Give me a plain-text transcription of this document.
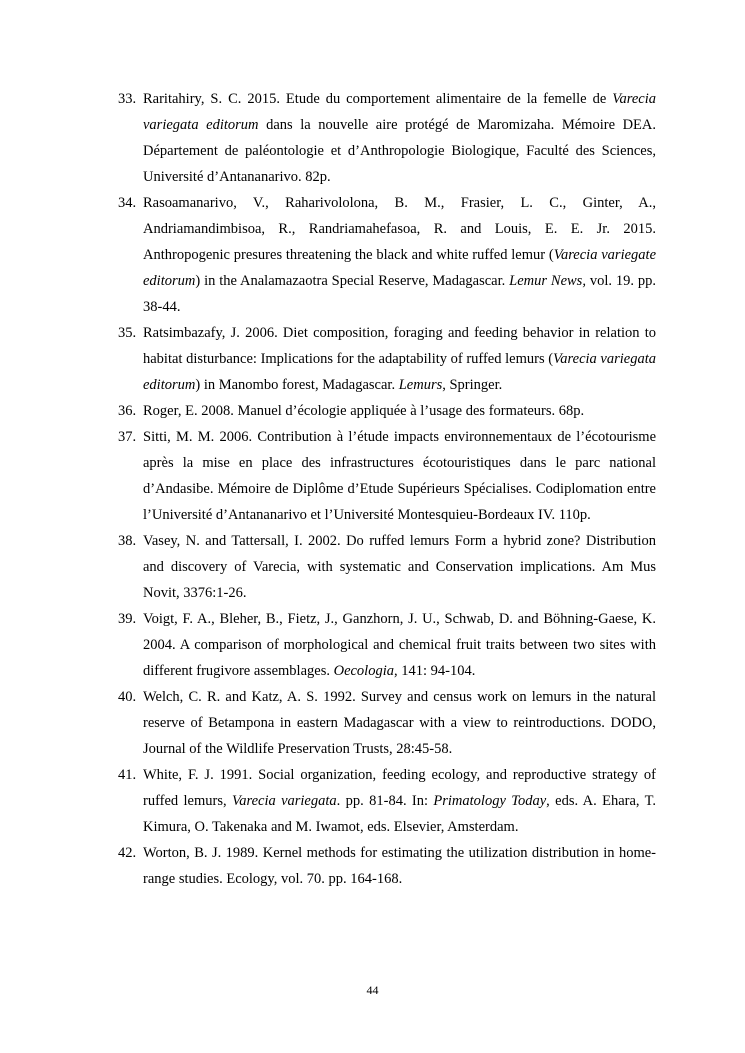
33. Raritahiry, S. C. 2015. Etude du comportement alimentaire de la femelle de Varecia variegata editorum dans la nouvelle aire protégé de Maromizaha. Mémoire DEA. Département de paléontologie et d’Anthropologie Biologique, Faculté des Sciences, Université d’Antananarivo. 82p.
34. Rasoamanarivo, V., Raharivololona, B. M., Frasier, L. C., Ginter, A., Andriamandimbisoa, R., Randriamahefasoa, R. and Louis, E. E. Jr. 2015. Anthropogenic presures threatening the black and white ruffed lemur (Varecia variegate editorum) in the Analamazaotra Special Reserve, Madagascar. Lemur News, vol. 19. pp. 38-44.
35. Ratsimbazafy, J. 2006. Diet composition, foraging and feeding behavior in relation to habitat disturbance: Implications for the adaptability of ruffed lemurs (Varecia variegata editorum) in Manombo forest, Madagascar. Lemurs, Springer.
36. Roger, E. 2008. Manuel d’écologie appliquée à l’usage des formateurs. 68p.
37. Sitti, M. M. 2006. Contribution à l’étude impacts environnementaux de l’écotourisme après la mise en place des infrastructures écotouristiques dans le parc national d’Andasibe. Mémoire de Diplôme d’Etude Supérieurs Spécialises. Codiplomation entre l’Université d’Antananarivo et l’Université Montesquieu-Bordeaux IV. 110p.
38. Vasey, N. and Tattersall, I. 2002. Do ruffed lemurs Form a hybrid zone? Distribution and discovery of Varecia, with systematic and Conservation implications. Am Mus Novit, 3376:1-26.
39. Voigt, F. A., Bleher, B., Fietz, J., Ganzhorn, J. U., Schwab, D. and Böhning-Gaese, K. 2004. A comparison of morphological and chemical fruit traits between two sites with different frugivore assemblages. Oecologia, 141: 94-104.
40. Welch, C. R. and Katz, A. S. 1992. Survey and census work on lemurs in the natural reserve of Betampona in eastern Madagascar with a view to reintroductions. DODO, Journal of the Wildlife Preservation Trusts, 28:45-58.
41. White, F. J. 1991. Social organization, feeding ecology, and reproductive strategy of ruffed lemurs, Varecia variegata. pp. 81-84. In: Primatology Today, eds. A. Ehara, T. Kimura, O. Takenaka and M. Iwamot, eds. Elsevier, Amsterdam.
42. Worton, B. J. 1989. Kernel methods for estimating the utilization distribution in home-range studies. Ecology, vol. 70. pp. 164-168.
44
